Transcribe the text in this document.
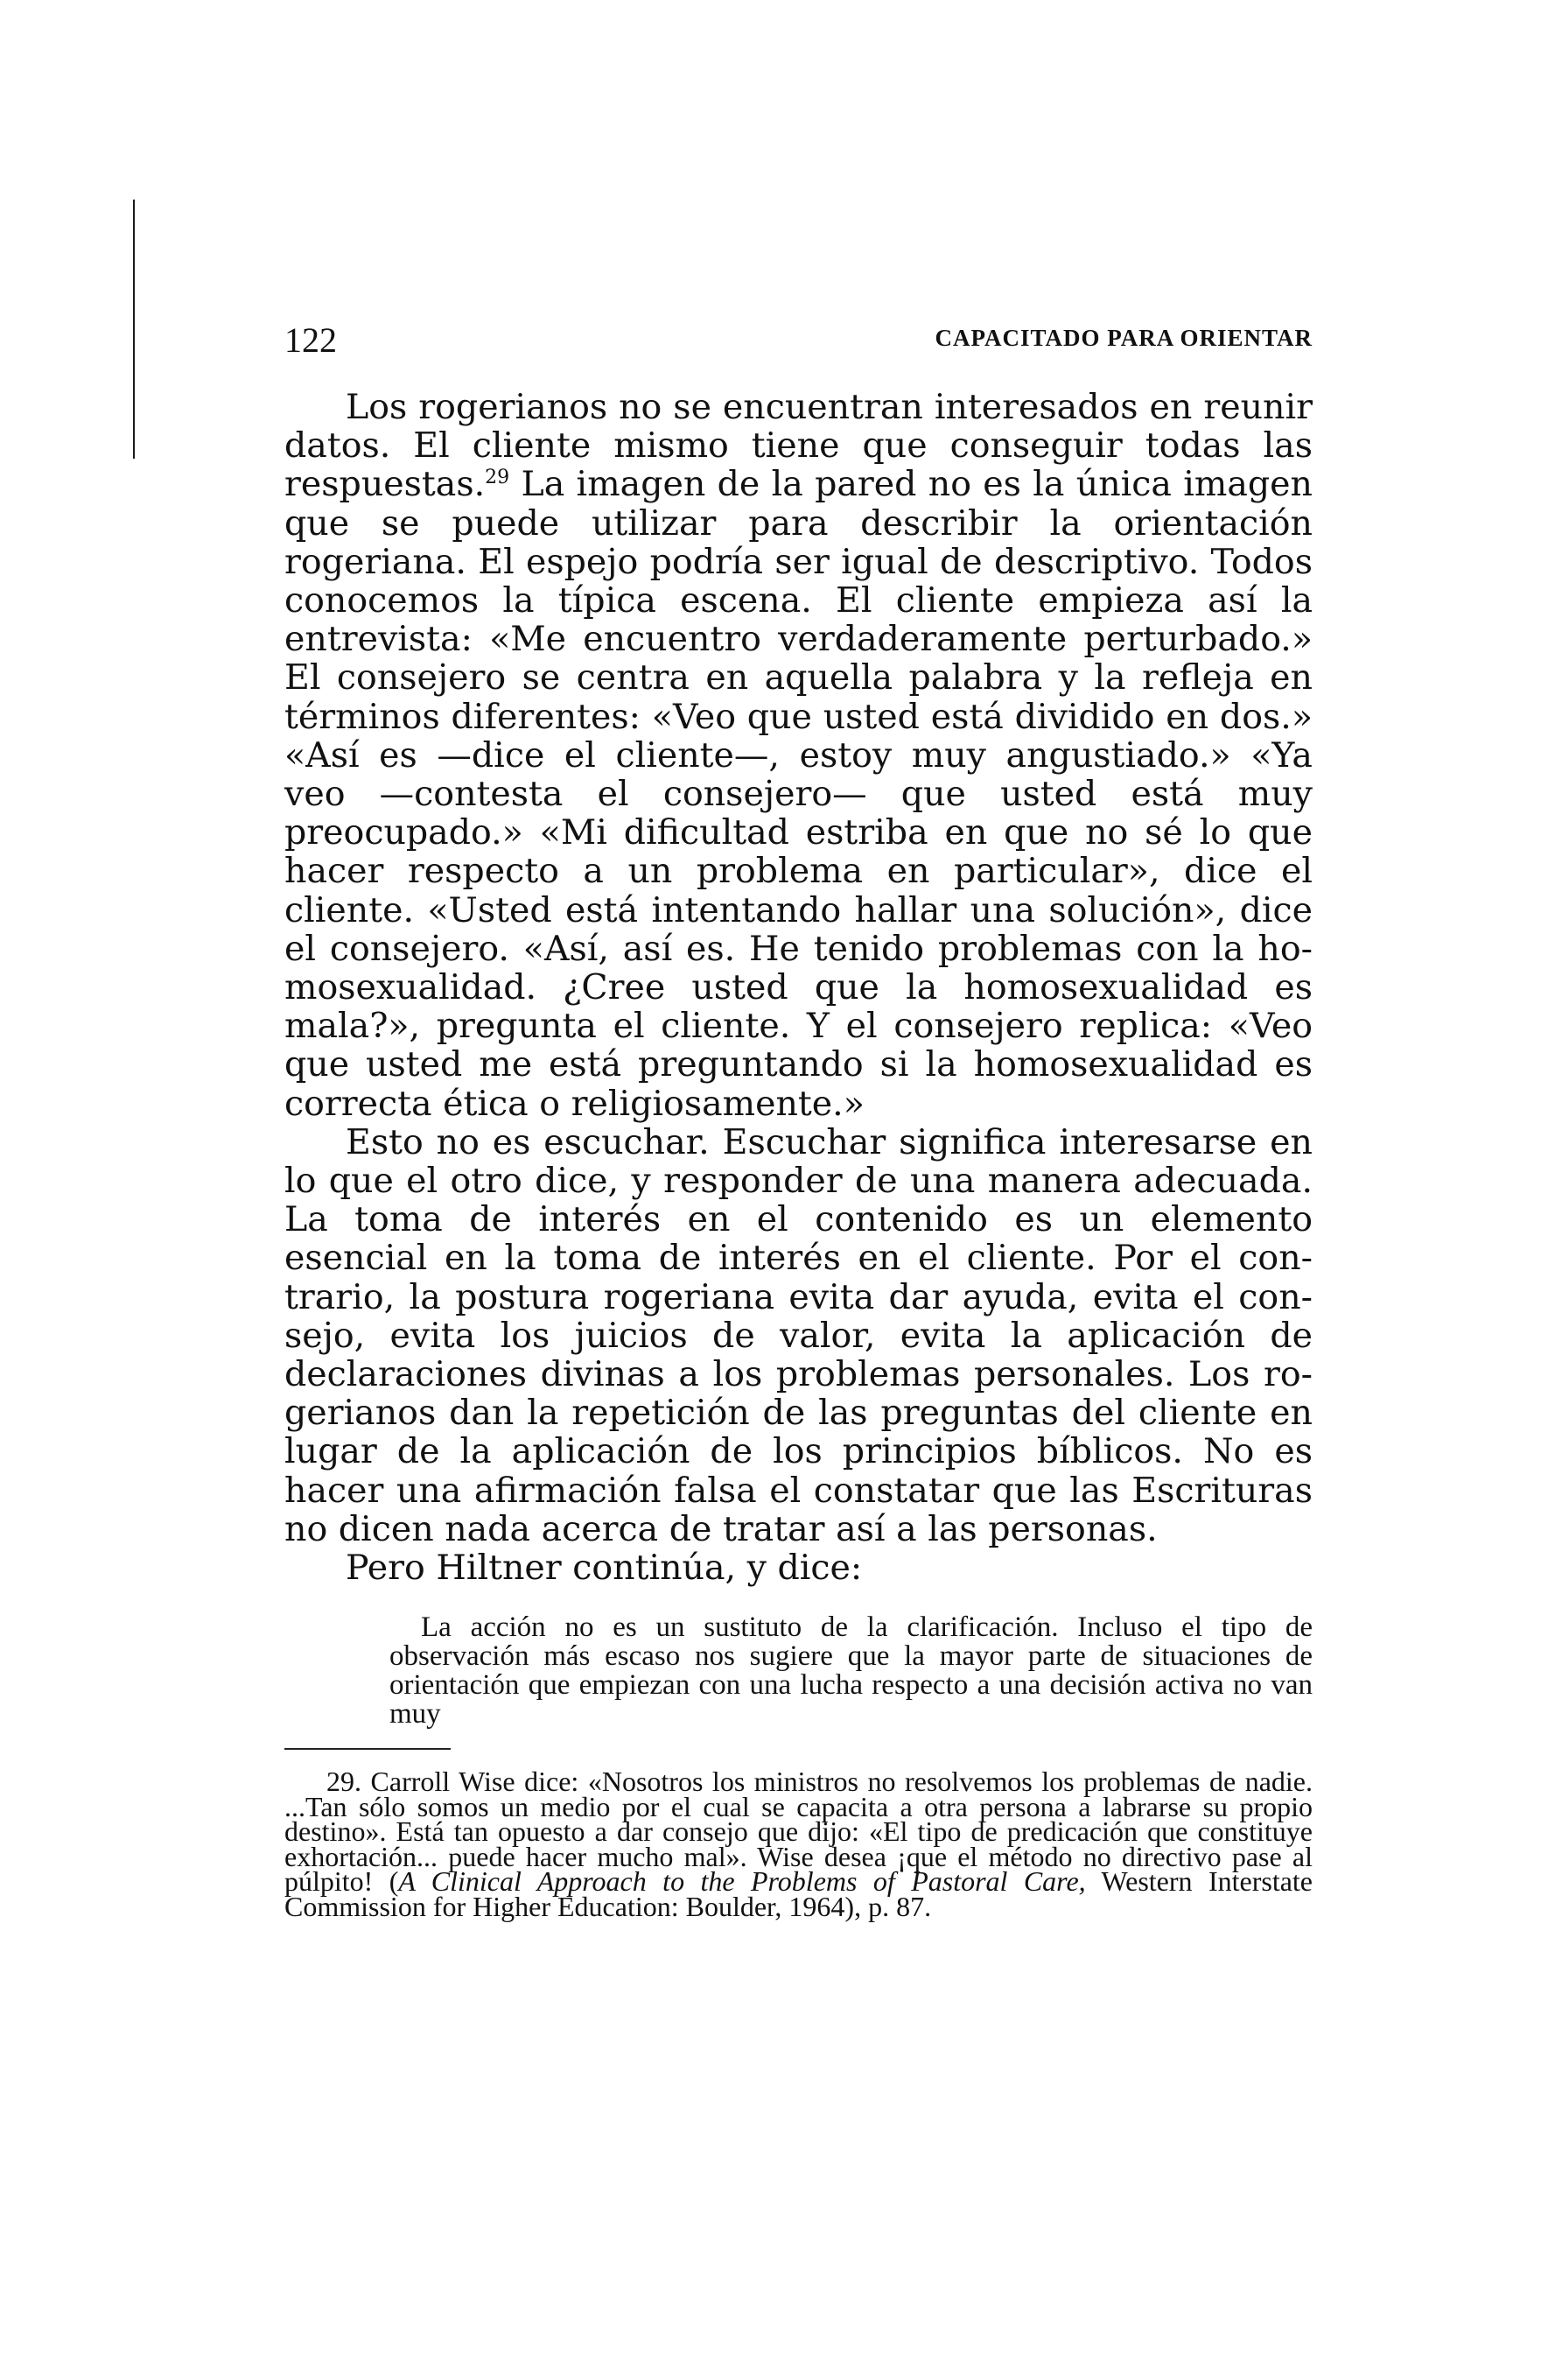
122	CAPACITADO PARA ORIENTAR

Los rogerianos no se encuentran interesados en reunir datos. El cliente mismo tiene que conseguir todas las respuestas.$^{29}$ La imagen de la pared no es la única imagen que se puede utilizar para describir la orientación rogeriana. El espejo podría ser igual de descriptivo. Todos conocemos la típica escena. El cliente empieza así la entrevista: «Me encuentro verdaderamente perturbado.» El consejero se centra en aquella palabra y la refleja en términos diferentes: «Veo que usted está dividido en dos.» «Así es —dice el cliente—, estoy muy angustiado.» «Ya veo —contesta el consejero— que usted está muy preocupado.» «Mi dificultad estriba en que no sé lo que hacer respecto a un problema en particular», dice el cliente. «Usted está intentando hallar una solución», dice el consejero. «Así, así es. He tenido problemas con la homosexualidad. ¿Cree usted que la homosexualidad es mala?», pregunta el cliente. Y el consejero replica: «Veo que usted me está preguntando si la homosexualidad es correcta ética o religiosamente.»

Esto no es escuchar. Escuchar significa interesarse en lo que el otro dice, y responder de una manera adecuada. La toma de interés en el contenido es un elemento esencial en la toma de interés en el cliente. Por el contrario, la postura rogeriana evita dar ayuda, evita el consejo, evita los juicios de valor, evita la aplicación de declaraciones divinas a los problemas personales. Los rogerianos dan la repetición de las preguntas del cliente en lugar de la aplicación de los principios bíblicos. No es hacer una afirmación falsa el constatar que las Escrituras no dicen nada acerca de tratar así a las personas.

Pero Hiltner continúa, y dice:

La acción no es un sustituto de la clarificación. Incluso el tipo de observación más escaso nos sugiere que la mayor parte de situaciones de orientación que empiezan con una lucha respecto a una decisión activa no van muy

29. Carroll Wise dice: «Nosotros los ministros no resolvemos los problemas de nadie. ...Tan sólo somos un medio por el cual se capacita a otra persona a labrarse su propio destino». Está tan opuesto a dar consejo que dijo: «El tipo de predicación que constituye exhortación... puede hacer mucho mal». Wise desea ¡que el método no directivo pase al púlpito! (A Clinical Approach to the Problems of Pastoral Care, Western Interstate Commission for Higher Education: Boulder, 1964), p. 87.
